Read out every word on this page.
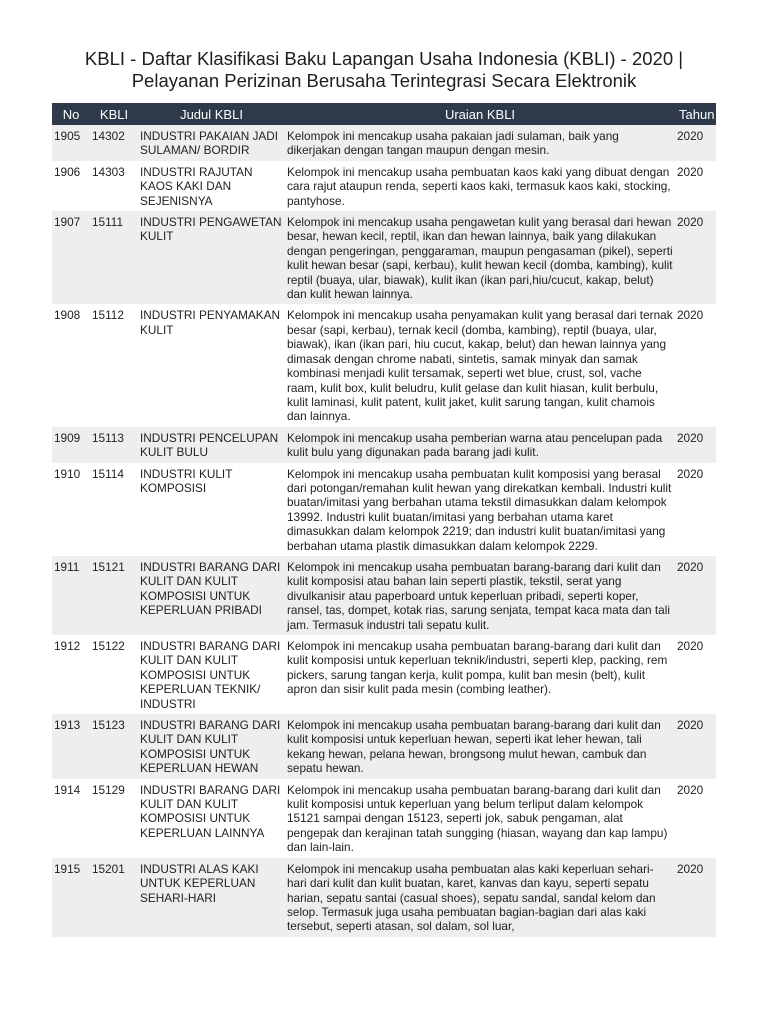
KBLI - Daftar Klasifikasi Baku Lapangan Usaha Indonesia (KBLI) - 2020 |
Pelayanan Perizinan Berusaha Terintegrasi Secara Elektronik
No	KBLI	Judul KBLI	Uraian KBLI	Tahun
1905	14302	INDUSTRI PAKAIAN JADI SULAMAN/ BORDIR	Kelompok ini mencakup usaha pakaian jadi sulaman, baik yang dikerjakan dengan tangan maupun dengan mesin.	2020
1906	14303	INDUSTRI RAJUTAN KAOS KAKI DAN SEJENISNYA	Kelompok ini mencakup usaha pembuatan kaos kaki yang dibuat dengan cara rajut ataupun renda, seperti kaos kaki, termasuk kaos kaki, stocking, pantyhose.	2020
1907	15111	INDUSTRI PENGAWETAN KULIT	Kelompok ini mencakup usaha pengawetan kulit yang berasal dari hewan besar, hewan kecil, reptil, ikan dan hewan lainnya, baik yang dilakukan dengan pengeringan, penggaraman, maupun pengasaman (pikel), seperti kulit hewan besar (sapi, kerbau), kulit hewan kecil (domba, kambing), kulit reptil (buaya, ular, biawak), kulit ikan (ikan pari,hiu/cucut, kakap, belut) dan kulit hewan lainnya.	2020
1908	15112	INDUSTRI PENYAMAKAN KULIT	Kelompok ini mencakup usaha penyamakan kulit yang berasal dari ternak besar (sapi, kerbau), ternak kecil (domba, kambing), reptil (buaya, ular, biawak), ikan (ikan pari, hiu cucut, kakap, belut) dan hewan lainnya yang dimasak dengan chrome nabati, sintetis, samak minyak dan samak kombinasi menjadi kulit tersamak, seperti wet blue, crust, sol, vache raam, kulit box, kulit beludru, kulit gelase dan kulit hiasan, kulit berbulu, kulit laminasi, kulit patent, kulit jaket, kulit sarung tangan, kulit chamois dan lainnya.	2020
1909	15113	INDUSTRI PENCELUPAN KULIT BULU	Kelompok ini mencakup usaha pemberian warna atau pencelupan pada kulit bulu yang digunakan pada barang jadi kulit.	2020
1910	15114	INDUSTRI KULIT KOMPOSISI	Kelompok ini mencakup usaha pembuatan kulit komposisi yang berasal dari potongan/remahan kulit hewan yang direkatkan kembali. Industri kulit buatan/imitasi yang berbahan utama tekstil dimasukkan dalam kelompok 13992. Industri kulit buatan/imitasi yang berbahan utama karet dimasukkan dalam kelompok 2219; dan industri kulit buatan/imitasi yang berbahan utama plastik dimasukkan dalam kelompok 2229.	2020
1911	15121	INDUSTRI BARANG DARI KULIT DAN KULIT KOMPOSISI UNTUK KEPERLUAN PRIBADI	Kelompok ini mencakup usaha pembuatan barang-barang dari kulit dan kulit komposisi atau bahan lain seperti plastik, tekstil, serat yang divulkanisir atau paperboard untuk keperluan pribadi, seperti koper, ransel, tas, dompet, kotak rias, sarung senjata, tempat kaca mata dan tali jam. Termasuk industri tali sepatu kulit.	2020
1912	15122	INDUSTRI BARANG DARI KULIT DAN KULIT KOMPOSISI UNTUK KEPERLUAN TEKNIK/ INDUSTRI	Kelompok ini mencakup usaha pembuatan barang-barang dari kulit dan kulit komposisi untuk keperluan teknik/industri, seperti klep, packing, rem pickers, sarung tangan kerja, kulit pompa, kulit ban mesin (belt), kulit apron dan sisir kulit pada mesin (combing leather).	2020
1913	15123	INDUSTRI BARANG DARI KULIT DAN KULIT KOMPOSISI UNTUK KEPERLUAN HEWAN	Kelompok ini mencakup usaha pembuatan barang-barang dari kulit dan kulit komposisi untuk keperluan hewan, seperti ikat leher hewan, tali kekang hewan, pelana hewan, brongsong mulut hewan, cambuk dan sepatu hewan.	2020
1914	15129	INDUSTRI BARANG DARI KULIT DAN KULIT KOMPOSISI UNTUK KEPERLUAN LAINNYA	Kelompok ini mencakup usaha pembuatan barang-barang dari kulit dan kulit komposisi untuk keperluan yang belum terliput dalam kelompok 15121 sampai dengan 15123, seperti jok, sabuk pengaman, alat pengepak dan kerajinan tatah sungging (hiasan, wayang dan kap lampu) dan lain-lain.	2020
1915	15201	INDUSTRI ALAS KAKI UNTUK KEPERLUAN SEHARI-HARI	Kelompok ini mencakup usaha pembuatan alas kaki keperluan sehari-hari dari kulit dan kulit buatan, karet, kanvas dan kayu, seperti sepatu harian, sepatu santai (casual shoes), sepatu sandal, sandal kelom dan selop. Termasuk juga usaha pembuatan bagian-bagian dari alas kaki tersebut, seperti atasan, sol dalam, sol luar,	2020
